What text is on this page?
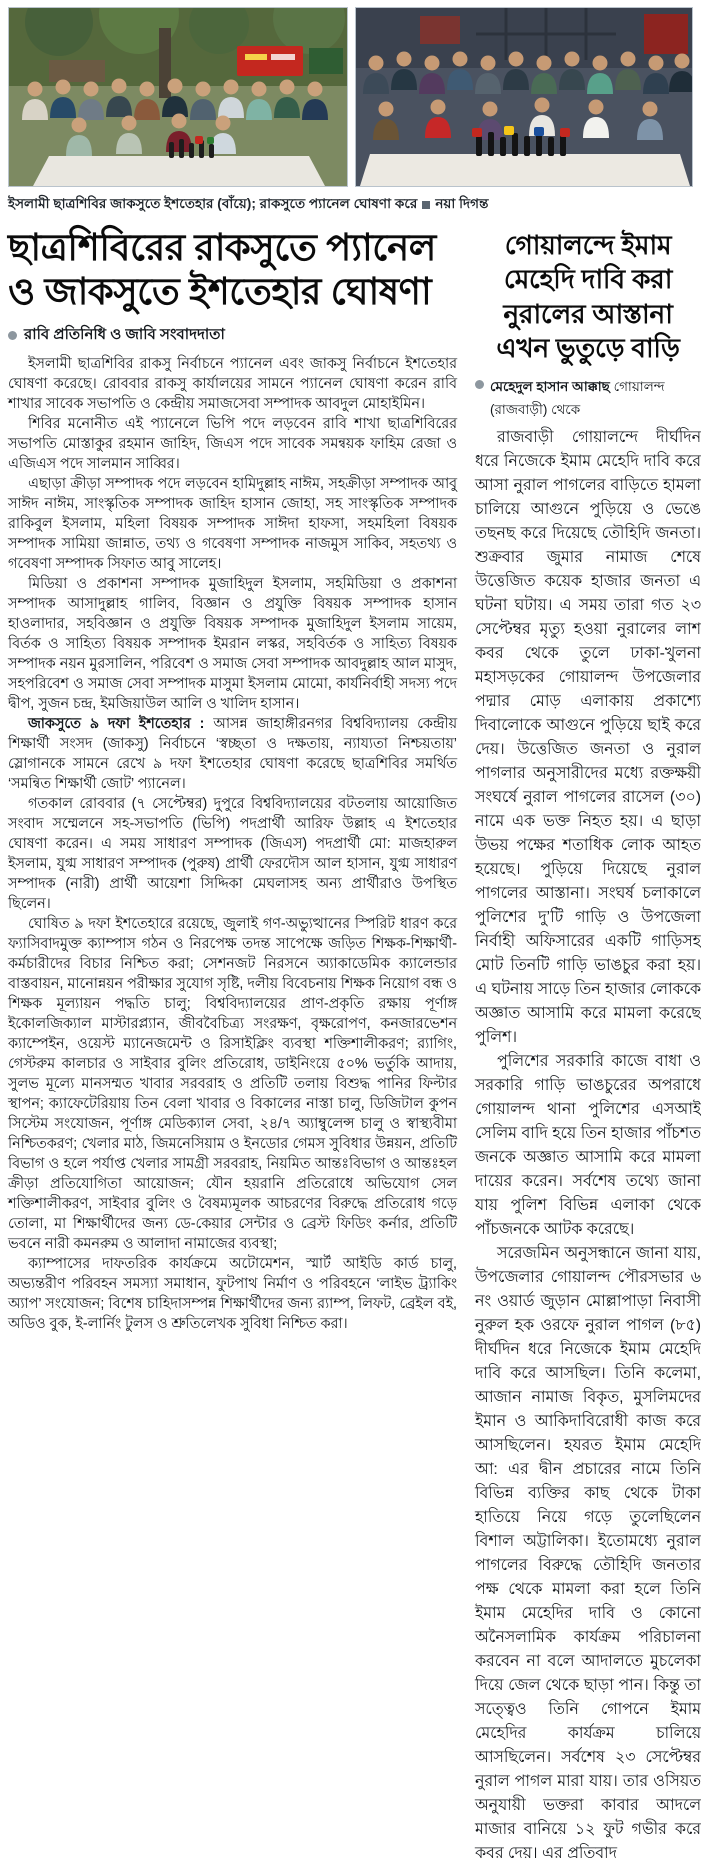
ইসলামী ছাত্রশিবির জাকসুতে ইশতেহার (বাঁয়ে); রাকসুতে প্যানেল ঘোষণা করে নয়া দিগন্ত
ছাত্রশিবিরের রাকসুতে প্যানেল ও জাকসুতে ইশতেহার ঘোষণা
রাবি প্রতিনিধি ও জাবি সংবাদদাতা

ইসলামী ছাত্রশিবির রাকসু নির্বাচনে প্যানেল এবং জাকসু নির্বাচনে ইশতেহার ঘোষণা করেছে। রোববার রাকসু কার্যালয়ের সামনে প্যানেল ঘোষণা করেন রাবি শাখার সাবেক সভাপতি ও কেন্দ্রীয় সমাজসেবা সম্পাদক আবদুল মোহাইমিন।

শিবির মনোনীত এই প্যানেলে ভিপি পদে লড়বেন রাবি শাখা ছাত্রশিবিরের সভাপতি মোস্তাকুর রহমান জাহিদ, জিএস পদে সাবেক সমন্বয়ক ফাহিম রেজা ও এজিএস পদে সালমান সাব্বির।

এছাড়া ক্রীড়া সম্পাদক পদে লড়বেন হামিদুল্লাহ নাঈম, সহক্রীড়া সম্পাদক আবু সাঈদ নাঈম, সাংস্কৃতিক সম্পাদক জাহিদ হাসান জোহা, সহ সাংস্কৃতিক সম্পাদক রাকিবুল ইসলাম, মহিলা বিষয়ক সম্পাদক সাঈদা হাফসা, সহমহিলা বিষয়ক সম্পাদক সামিয়া জান্নাত, তথ্য ও গবেষণা সম্পাদক নাজমুস সাকিব, সহতথ্য ও গবেষণা সম্পাদক সিফাত আবু সালেহ।

মিডিয়া ও প্রকাশনা সম্পাদক মুজাহিদুল ইসলাম, সহমিডিয়া ও প্রকাশনা সম্পাদক আসাদুল্লাহ গালিব, বিজ্ঞান ও প্রযুক্তি বিষয়ক সম্পাদক হাসান হাওলাদার, সহবিজ্ঞান ও প্রযুক্তি বিষয়ক সম্পাদক মুজাহিদুল ইসলাম সায়েম, বির্তক ও সাহিত্য বিষয়ক সম্পাদক ইমরান লস্কর, সহবির্তক ও সাহিত্য বিষয়ক সম্পাদক নয়ন মুরসালিন, পরিবেশ ও সমাজ সেবা সম্পাদক আবদুল্লাহ আল মাসুদ, সহপরিবেশ ও সমাজ সেবা সম্পাদক মাসুমা ইসলাম মোমো, কার্যনির্বাহী সদস্য পদে দ্বীপ, সুজন চন্দ্র, ইমজিয়াউল আলি ও খালিদ হাসান।

জাকসুতে ৯ দফা ইশতেহার : আসন্ন জাহাঙ্গীরনগর বিশ্ববিদ্যালয় কেন্দ্রীয় শিক্ষার্থী সংসদ (জাকসু) নির্বাচনে ‘স্বচ্ছতা ও দক্ষতায়, ন্যায্যতা নিশ্চয়তায়’ স্লোগানকে সামনে রেখে ৯ দফা ইশতেহার ঘোষণা করেছে ছাত্রশিবির সমর্থিত ‘সমন্বিত শিক্ষার্থী জোট’ প্যানেল।

গতকাল রোববার (৭ সেপ্টেম্বর) দুপুরে বিশ্ববিদ্যালয়ের বটতলায় আয়োজিত সংবাদ সম্মেলনে সহ-সভাপতি (ভিপি) পদপ্রার্থী আরিফ উল্লাহ এ ইশতেহার ঘোষণা করেন। এ সময় সাধারণ সম্পাদক (জিএস) পদপ্রার্থী মো: মাজহারুল ইসলাম, যুগ্ম সাধারণ সম্পাদক (পুরুষ) প্রার্থী ফেরদৌস আল হাসান, যুগ্ম সাধারণ সম্পাদক (নারী) প্রার্থী আয়েশা সিদ্দিকা মেঘলাসহ অন্য প্রার্থীরাও উপস্থিত ছিলেন।

ঘোষিত ৯ দফা ইশতেহারে রয়েছে, জুলাই গণ-অভ্যুত্থানের স্পিরিট ধারণ করে ফ্যাসিবাদমুক্ত ক্যাম্পাস গঠন ও নিরপেক্ষ তদন্ত সাপেক্ষে জড়িত শিক্ষক-শিক্ষার্থী-কর্মচারীদের বিচার নিশ্চিত করা; সেশনজট নিরসনে অ্যাকাডেমিক ক্যালেন্ডার বাস্তবায়ন, মানোন্নয়ন পরীক্ষার সুযোগ সৃষ্টি, দলীয় বিবেচনায় শিক্ষক নিয়োগ বন্ধ ও শিক্ষক মূল্যায়ন পদ্ধতি চালু; বিশ্ববিদ্যালয়ের প্রাণ-প্রকৃতি রক্ষায় পূর্ণাঙ্গ ইকোলজিক্যাল মাস্টারপ্ল্যান, জীববৈচিত্র্য সংরক্ষণ, বৃক্ষরোপণ, কনজারভেশন ক্যাম্পেইন, ওয়েস্ট ম্যানেজমেন্ট ও রিসাইক্লিং ব্যবস্থা শক্তিশালীকরণ; র‍্যাগিং, গেস্টরুম কালচার ও সাইবার বুলিং প্রতিরোধ, ডাইনিংয়ে ৫০% ভর্তুকি আদায়, সুলভ মূল্যে মানসম্মত খাবার সরবরাহ ও প্রতিটি তলায় বিশুদ্ধ পানির ফিল্টার স্থাপন; ক্যাফেটেরিয়ায় তিন বেলা খাবার ও বিকালের নাস্তা চালু, ডিজিটাল কুপন সিস্টেম সংযোজন, পূর্ণাঙ্গ মেডিক্যাল সেবা, ২৪/৭ অ্যাম্বুলেন্স চালু ও স্বাস্থ্যবীমা নিশ্চিতকরণ; খেলার মাঠ, জিমনেসিয়াম ও ইনডোর গেমস সুবিধার উন্নয়ন, প্রতিটি বিভাগ ও হলে পর্যাপ্ত খেলার সামগ্রী সরবরাহ, নিয়মিত আন্তঃবিভাগ ও আন্তঃহল ক্রীড়া প্রতিযোগিতা আয়োজন; যৌন হয়রানি প্রতিরোধে অভিযোগ সেল শক্তিশালীকরণ, সাইবার বুলিং ও বৈষম্যমূলক আচরণের বিরুদ্ধে প্রতিরোধ গড়ে তোলা, মা শিক্ষার্থীদের জন্য ডে-কেয়ার সেন্টার ও ব্রেস্ট ফিডিং কর্নার, প্রতিটি ভবনে নারী কমনরুম ও আলাদা নামাজের ব্যবস্থা;

ক্যাম্পাসের দাফতরিক কার্যক্রমে অটোমেশন, স্মার্ট আইডি কার্ড চালু, অভ্যন্তরীণ পরিবহন সমস্যা সমাধান, ফুটপাথ নির্মাণ ও পরিবহনে ‘লাইভ ট্র্যাকিং অ্যাপ’ সংযোজন; বিশেষ চাহিদাসম্পন্ন শিক্ষার্থীদের জন্য র‍্যাম্প, লিফট, ব্রেইল বই, অডিও বুক, ই-লার্নিং টুলস ও শ্রুতিলেখক সুবিধা নিশ্চিত করা।

গোয়ালন্দে ইমাম মেহেদি দাবি করা নুরালের আস্তানা এখন ভুতুড়ে বাড়ি
মেহেদুল হাসান আক্কাছ গোয়ালন্দ (রাজবাড়ী) থেকে

রাজবাড়ী গোয়ালন্দে দীর্ঘদিন ধরে নিজেকে ইমাম মেহেদি দাবি করে আসা নুরাল পাগলের বাড়িতে হামলা চালিয়ে আগুনে পুড়িয়ে ও ভেঙে তছনছ করে দিয়েছে তৌহিদি জনতা। শুক্রবার জুমার নামাজ শেষে উত্তেজিত কয়েক হাজার জনতা এ ঘটনা ঘটায়। এ সময় তারা গত ২৩ সেপ্টেম্বর মৃত্যু হওয়া নুরালের লাশ কবর থেকে তুলে ঢাকা-খুলনা মহাসড়কের গোয়ালন্দ উপজেলার পদ্মার মোড় এলাকায় প্রকাশ্যে দিবালোকে আগুনে পুড়িয়ে ছাই করে দেয়। উত্তেজিত জনতা ও নুরাল পাগলার অনুসারীদের মধ্যে রক্তক্ষয়ী সংঘর্ষে নুরাল পাগলের রাসেল (৩০) নামে এক ভক্ত নিহত হয়। এ ছাড়া উভয় পক্ষের শতাধিক লোক আহত হয়েছে। পুড়িয়ে দিয়েছে নুরাল পাগলের আস্তানা। সংঘর্ষ চলাকালে পুলিশের দু’টি গাড়ি ও উপজেলা নির্বাহী অফিসারের একটি গাড়িসহ মোট তিনটি গাড়ি ভাঙচুর করা হয়। এ ঘটনায় সাড়ে তিন হাজার লোককে অজ্ঞাত আসামি করে মামলা করেছে পুলিশ।

পুলিশের সরকারি কাজে বাধা ও সরকারি গাড়ি ভাঙচুরের অপরাধে গোয়ালন্দ থানা পুলিশের এসআই সেলিম বাদি হয়ে তিন হাজার পাঁচশত জনকে অজ্ঞাত আসামি করে মামলা দায়ের করেন। সর্বশেষ তথ্যে জানা যায় পুলিশ বিভিন্ন এলাকা থেকে পাঁচজনকে আটক করেছে।

সরেজমিন অনুসন্ধানে জানা যায়, উপজেলার গোয়ালন্দ পৌরসভার ৬ নং ওয়ার্ড জুড়ান মোল্লাপাড়া নিবাসী নুরুল হক ওরফে নুরাল পাগল (৮৫) দীর্ঘদিন ধরে নিজেকে ইমাম মেহেদি দাবি করে আসছিল। তিনি কলেমা, আজান নামাজ বিকৃত, মুসলিমদের ইমান ও আকিদাবিরোধী কাজ করে আসছিলেন। হযরত ইমাম মেহেদি আ: এর দ্বীন প্রচারের নামে তিনি বিভিন্ন ব্যক্তির কাছ থেকে টাকা হাতিয়ে নিয়ে গড়ে তুলেছিলেন বিশাল অট্টালিকা। ইতোমধ্যে নুরাল পাগলের বিরুদ্ধে তৌহিদি জনতার পক্ষ থেকে মামলা করা হলে তিনি ইমাম মেহেদির দাবি ও কোনো অনৈসলামিক কার্যক্রম পরিচালনা করবেন না বলে আদালতে মুচলেকা দিয়ে জেল থেকে ছাড়া পান। কিন্তু তা সত্ত্বেও তিনি গোপনে ইমাম মেহেদির কার্যক্রম চালিয়ে আসছিলেন। সর্বশেষ ২৩ সেপ্টেম্বর নুরাল পাগল মারা যায়। তার ওসিয়ত অনুযায়ী ভক্তরা কাবার আদলে মাজার বানিয়ে ১২ ফুট গভীর করে কবর দেয়। এর প্রতিবাদ
